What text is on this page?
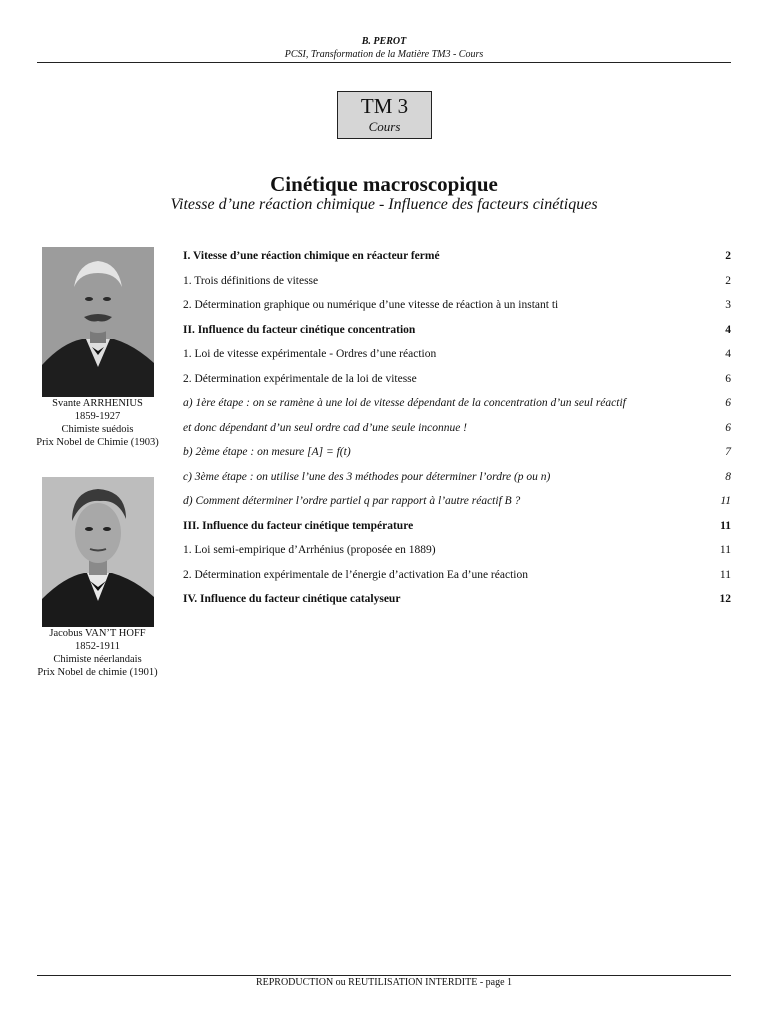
B. PEROT
PCSI, Transformation de la Matière TM3 - Cours
TM 3
Cours
Cinétique macroscopique
Vitesse d’une réaction chimique - Influence des facteurs cinétiques
Svante ARRHENIUS
1859-1927
Chimiste suédois
Prix Nobel de Chimie (1903)
Jacobus VAN’T HOFF
1852-1911
Chimiste néerlandais
Prix Nobel de chimie (1901)
I. Vitesse d’une réaction chimique en réacteur fermé	2
1. Trois définitions de vitesse	2
2. Détermination graphique ou numérique d’une vitesse de réaction à un instant ti	3
II. Influence du facteur cinétique concentration	4
1. Loi de vitesse expérimentale - Ordres d’une réaction	4
2. Détermination expérimentale de la loi de vitesse	6
a) 1ère étape : on se ramène à une loi de vitesse dépendant de la concentration d’un seul réactif	6
et donc dépendant d’un seul ordre cad d’une seule inconnue !	6
b) 2ème étape : on mesure [A] = f(t)	7
c) 3ème étape : on utilise l’une des 3 méthodes pour déterminer l’ordre (p ou n)	8
d) Comment déterminer l’ordre partiel q par rapport à l’autre réactif B ?	11
III. Influence du facteur cinétique température	11
1. Loi semi-empirique d’Arrhénius (proposée en 1889)	11
2. Détermination expérimentale de l’énergie d’activation Ea d’une réaction	11
IV. Influence du facteur cinétique catalyseur	12
REPRODUCTION ou REUTILISATION INTERDITE - page 1
